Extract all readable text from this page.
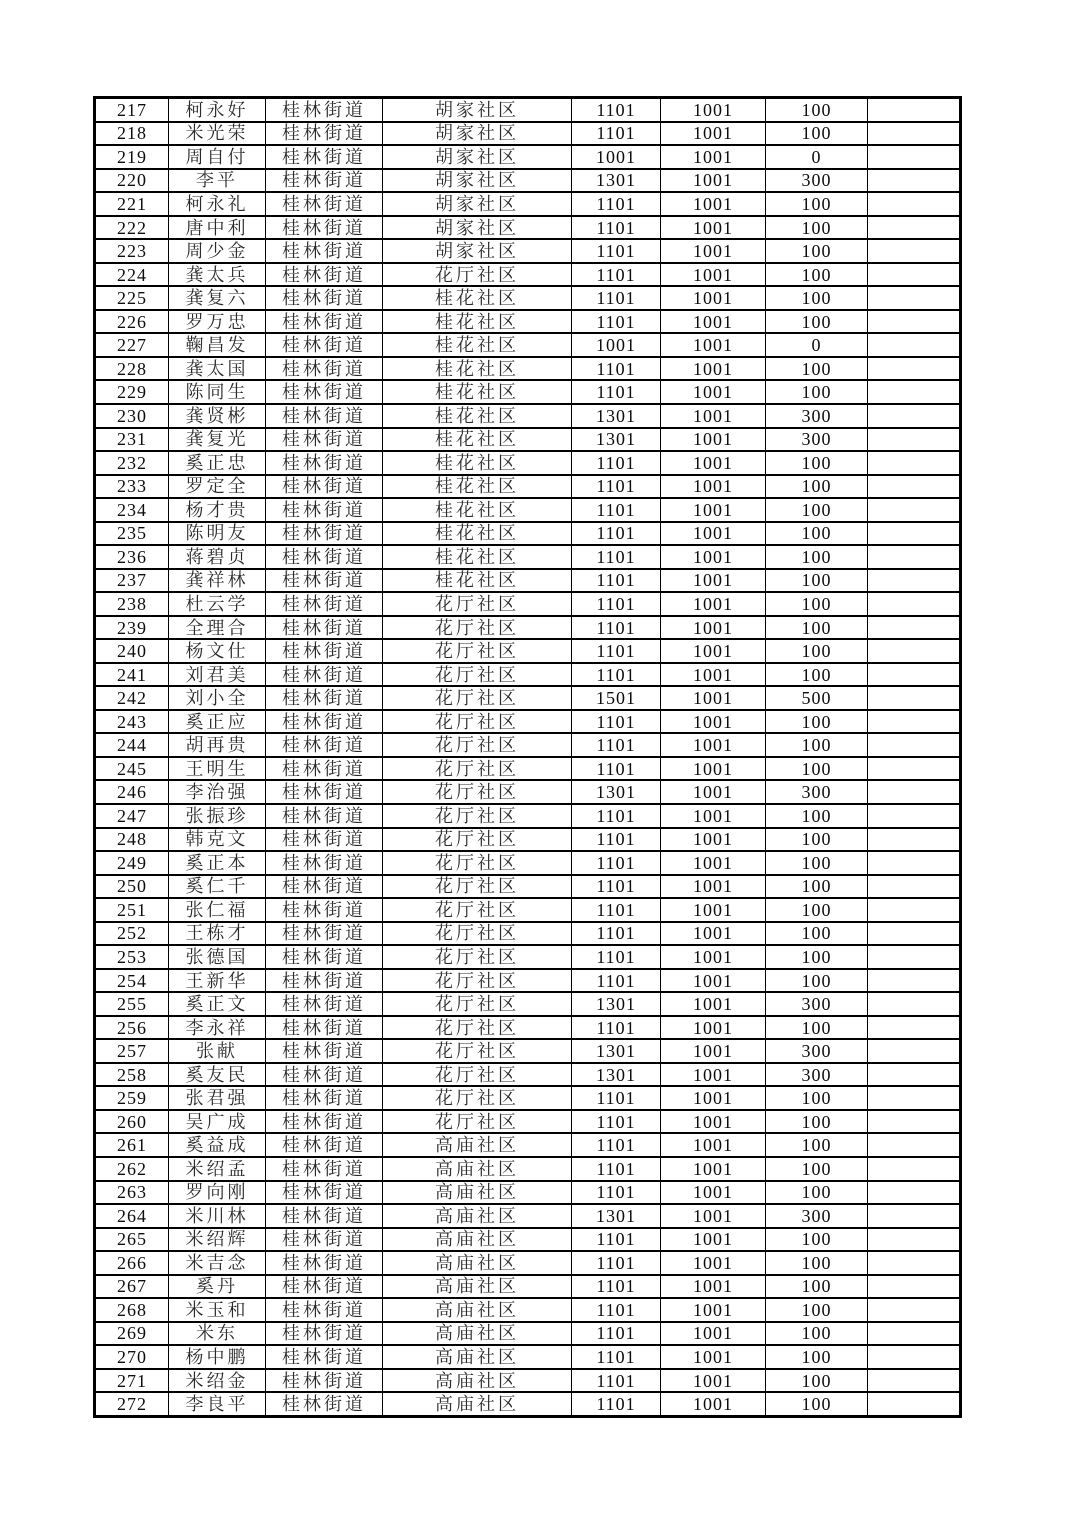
217	柯永好	桂林街道	胡家社区	1101	1001	100	
218	米光荣	桂林街道	胡家社区	1101	1001	100	
219	周自付	桂林街道	胡家社区	1001	1001	0	
220	李平	桂林街道	胡家社区	1301	1001	300	
221	柯永礼	桂林街道	胡家社区	1101	1001	100	
222	唐中利	桂林街道	胡家社区	1101	1001	100	
223	周少金	桂林街道	胡家社区	1101	1001	100	
224	龚太兵	桂林街道	花厅社区	1101	1001	100	
225	龚复六	桂林街道	桂花社区	1101	1001	100	
226	罗万忠	桂林街道	桂花社区	1101	1001	100	
227	鞠昌发	桂林街道	桂花社区	1001	1001	0	
228	龚太国	桂林街道	桂花社区	1101	1001	100	
229	陈同生	桂林街道	桂花社区	1101	1001	100	
230	龚贤彬	桂林街道	桂花社区	1301	1001	300	
231	龚复光	桂林街道	桂花社区	1301	1001	300	
232	奚正忠	桂林街道	桂花社区	1101	1001	100	
233	罗定全	桂林街道	桂花社区	1101	1001	100	
234	杨才贵	桂林街道	桂花社区	1101	1001	100	
235	陈明友	桂林街道	桂花社区	1101	1001	100	
236	蒋碧贞	桂林街道	桂花社区	1101	1001	100	
237	龚祥林	桂林街道	桂花社区	1101	1001	100	
238	杜云学	桂林街道	花厅社区	1101	1001	100	
239	全理合	桂林街道	花厅社区	1101	1001	100	
240	杨文仕	桂林街道	花厅社区	1101	1001	100	
241	刘君美	桂林街道	花厅社区	1101	1001	100	
242	刘小全	桂林街道	花厅社区	1501	1001	500	
243	奚正应	桂林街道	花厅社区	1101	1001	100	
244	胡再贵	桂林街道	花厅社区	1101	1001	100	
245	王明生	桂林街道	花厅社区	1101	1001	100	
246	李治强	桂林街道	花厅社区	1301	1001	300	
247	张振珍	桂林街道	花厅社区	1101	1001	100	
248	韩克文	桂林街道	花厅社区	1101	1001	100	
249	奚正本	桂林街道	花厅社区	1101	1001	100	
250	奚仁千	桂林街道	花厅社区	1101	1001	100	
251	张仁福	桂林街道	花厅社区	1101	1001	100	
252	王栋才	桂林街道	花厅社区	1101	1001	100	
253	张德国	桂林街道	花厅社区	1101	1001	100	
254	王新华	桂林街道	花厅社区	1101	1001	100	
255	奚正文	桂林街道	花厅社区	1301	1001	300	
256	李永祥	桂林街道	花厅社区	1101	1001	100	
257	张献	桂林街道	花厅社区	1301	1001	300	
258	奚友民	桂林街道	花厅社区	1301	1001	300	
259	张君强	桂林街道	花厅社区	1101	1001	100	
260	吴广成	桂林街道	花厅社区	1101	1001	100	
261	奚益成	桂林街道	高庙社区	1101	1001	100	
262	米绍孟	桂林街道	高庙社区	1101	1001	100	
263	罗向刚	桂林街道	高庙社区	1101	1001	100	
264	米川林	桂林街道	高庙社区	1301	1001	300	
265	米绍辉	桂林街道	高庙社区	1101	1001	100	
266	米吉念	桂林街道	高庙社区	1101	1001	100	
267	奚丹	桂林街道	高庙社区	1101	1001	100	
268	米玉和	桂林街道	高庙社区	1101	1001	100	
269	米东	桂林街道	高庙社区	1101	1001	100	
270	杨中鹏	桂林街道	高庙社区	1101	1001	100	
271	米绍金	桂林街道	高庙社区	1101	1001	100	
272	李良平	桂林街道	高庙社区	1101	1001	100	
